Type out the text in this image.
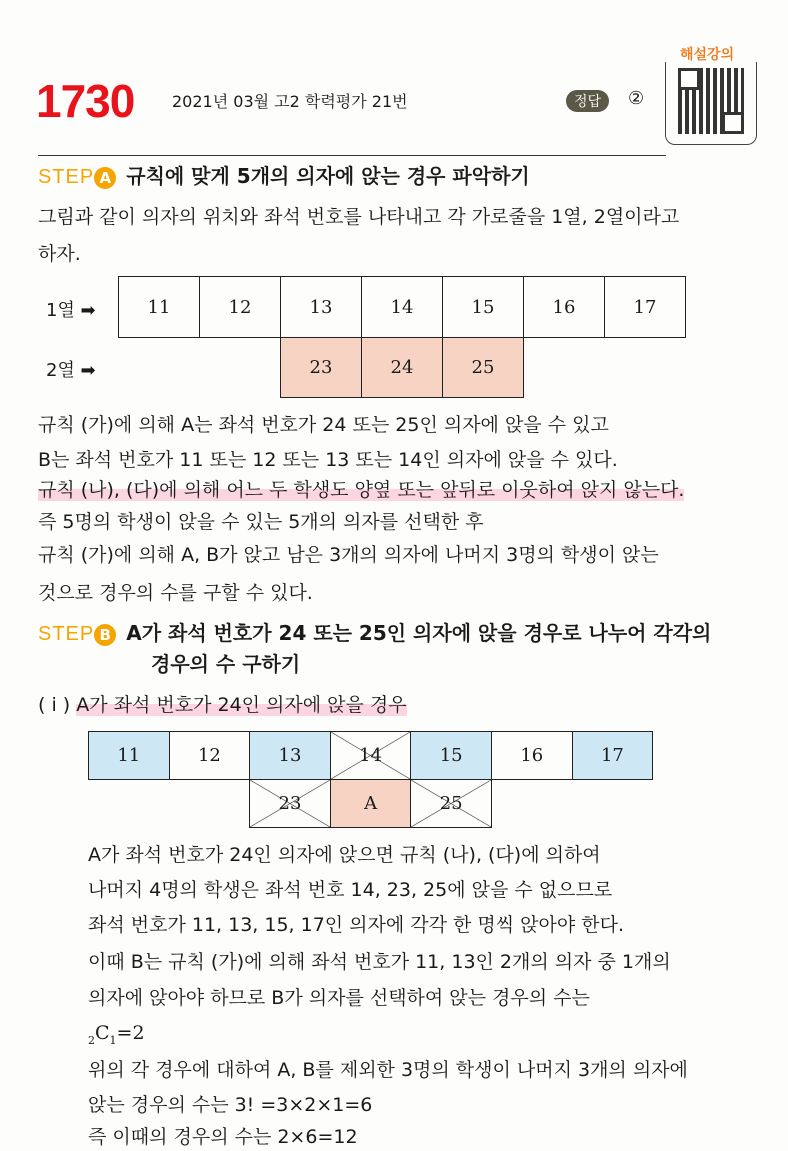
1730 2021년 03월 고2 학력평가 21번	정답	②
해설강의
STEP A 규칙에 맞게 5개의 의자에 앉는 경우 파악하기
그림과 같이 의자의 위치와 좌석 번호를 나타내고 각 가로줄을 1열, 2열이라고
하자.
1열 ➡
2열 ➡
규칙 (가)에 의해 A는 좌석 번호가 24 또는 25인 의자에 앉을 수 있고
B는 좌석 번호가 11 또는 12 또는 13 또는 14인 의자에 앉을 수 있다.
규칙 (나), (다)에 의해 어느 두 학생도 양옆 또는 앞뒤로 이웃하여 앉지 않는다.
즉 5명의 학생이 앉을 수 있는 5개의 의자를 선택한 후
규칙 (가)에 의해 A, B가 앉고 남은 3개의 의자에 나머지 3명의 학생이 앉는
것으로 경우의 수를 구할 수 있다.
STEP B A가 좌석 번호가 24 또는 25인 의자에 앉을 경우로 나누어 각각의
경우의 수 구하기
( i ) A가 좌석 번호가 24인 의자에 앉을 경우
A가 좌석 번호가 24인 의자에 앉으면 규칙 (나), (다)에 의하여
나머지 4명의 학생은 좌석 번호 14, 23, 25에 앉을 수 없으므로
좌석 번호가 11, 13, 15, 17인 의자에 각각 한 명씩 앉아야 한다.
이때 B는 규칙 (가)에 의해 좌석 번호가 11, 13인 2개의 의자 중 1개의
의자에 앉아야 하므로 B가 의자를 선택하여 앉는 경우의 수는
$_2C_1=2$
위의 각 경우에 대하여 A, B를 제외한 3명의 학생이 나머지 3개의 의자에
앉는 경우의 수는 3! =3×2×1=6
즉 이때의 경우의 수는 2×6=12
11	12	13	14	15	16	17
23	24	25
11	12	13	14	15	16	17
23	A	25
